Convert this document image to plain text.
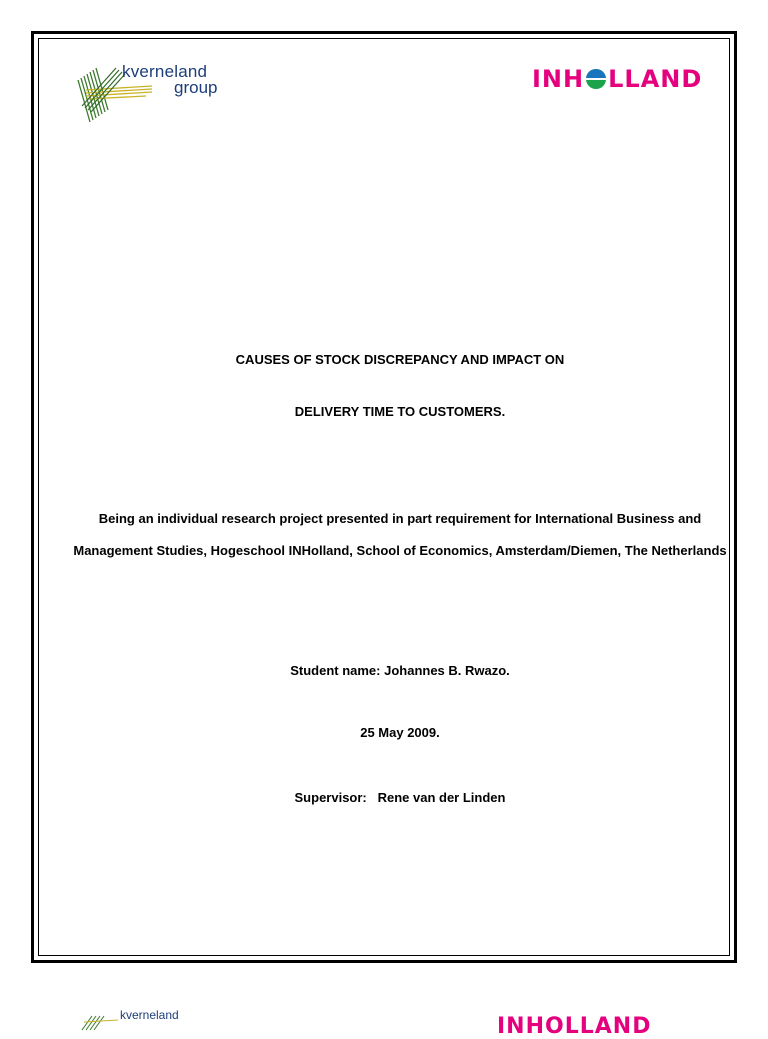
kverneland
group	INH LLAND
CAUSES OF STOCK DISCREPANCY AND IMPACT ON
DELIVERY TIME TO CUSTOMERS.
Being an individual research project presented in part requirement for International Business and Management Studies, Hogeschool INHolland, School of Economics, Amsterdam/Diemen, The Netherlands
Student name: Johannes B. Rwazo.
25 May 2009.
Supervisor:   Rene van der Linden
kverneland	INHOLLAND
